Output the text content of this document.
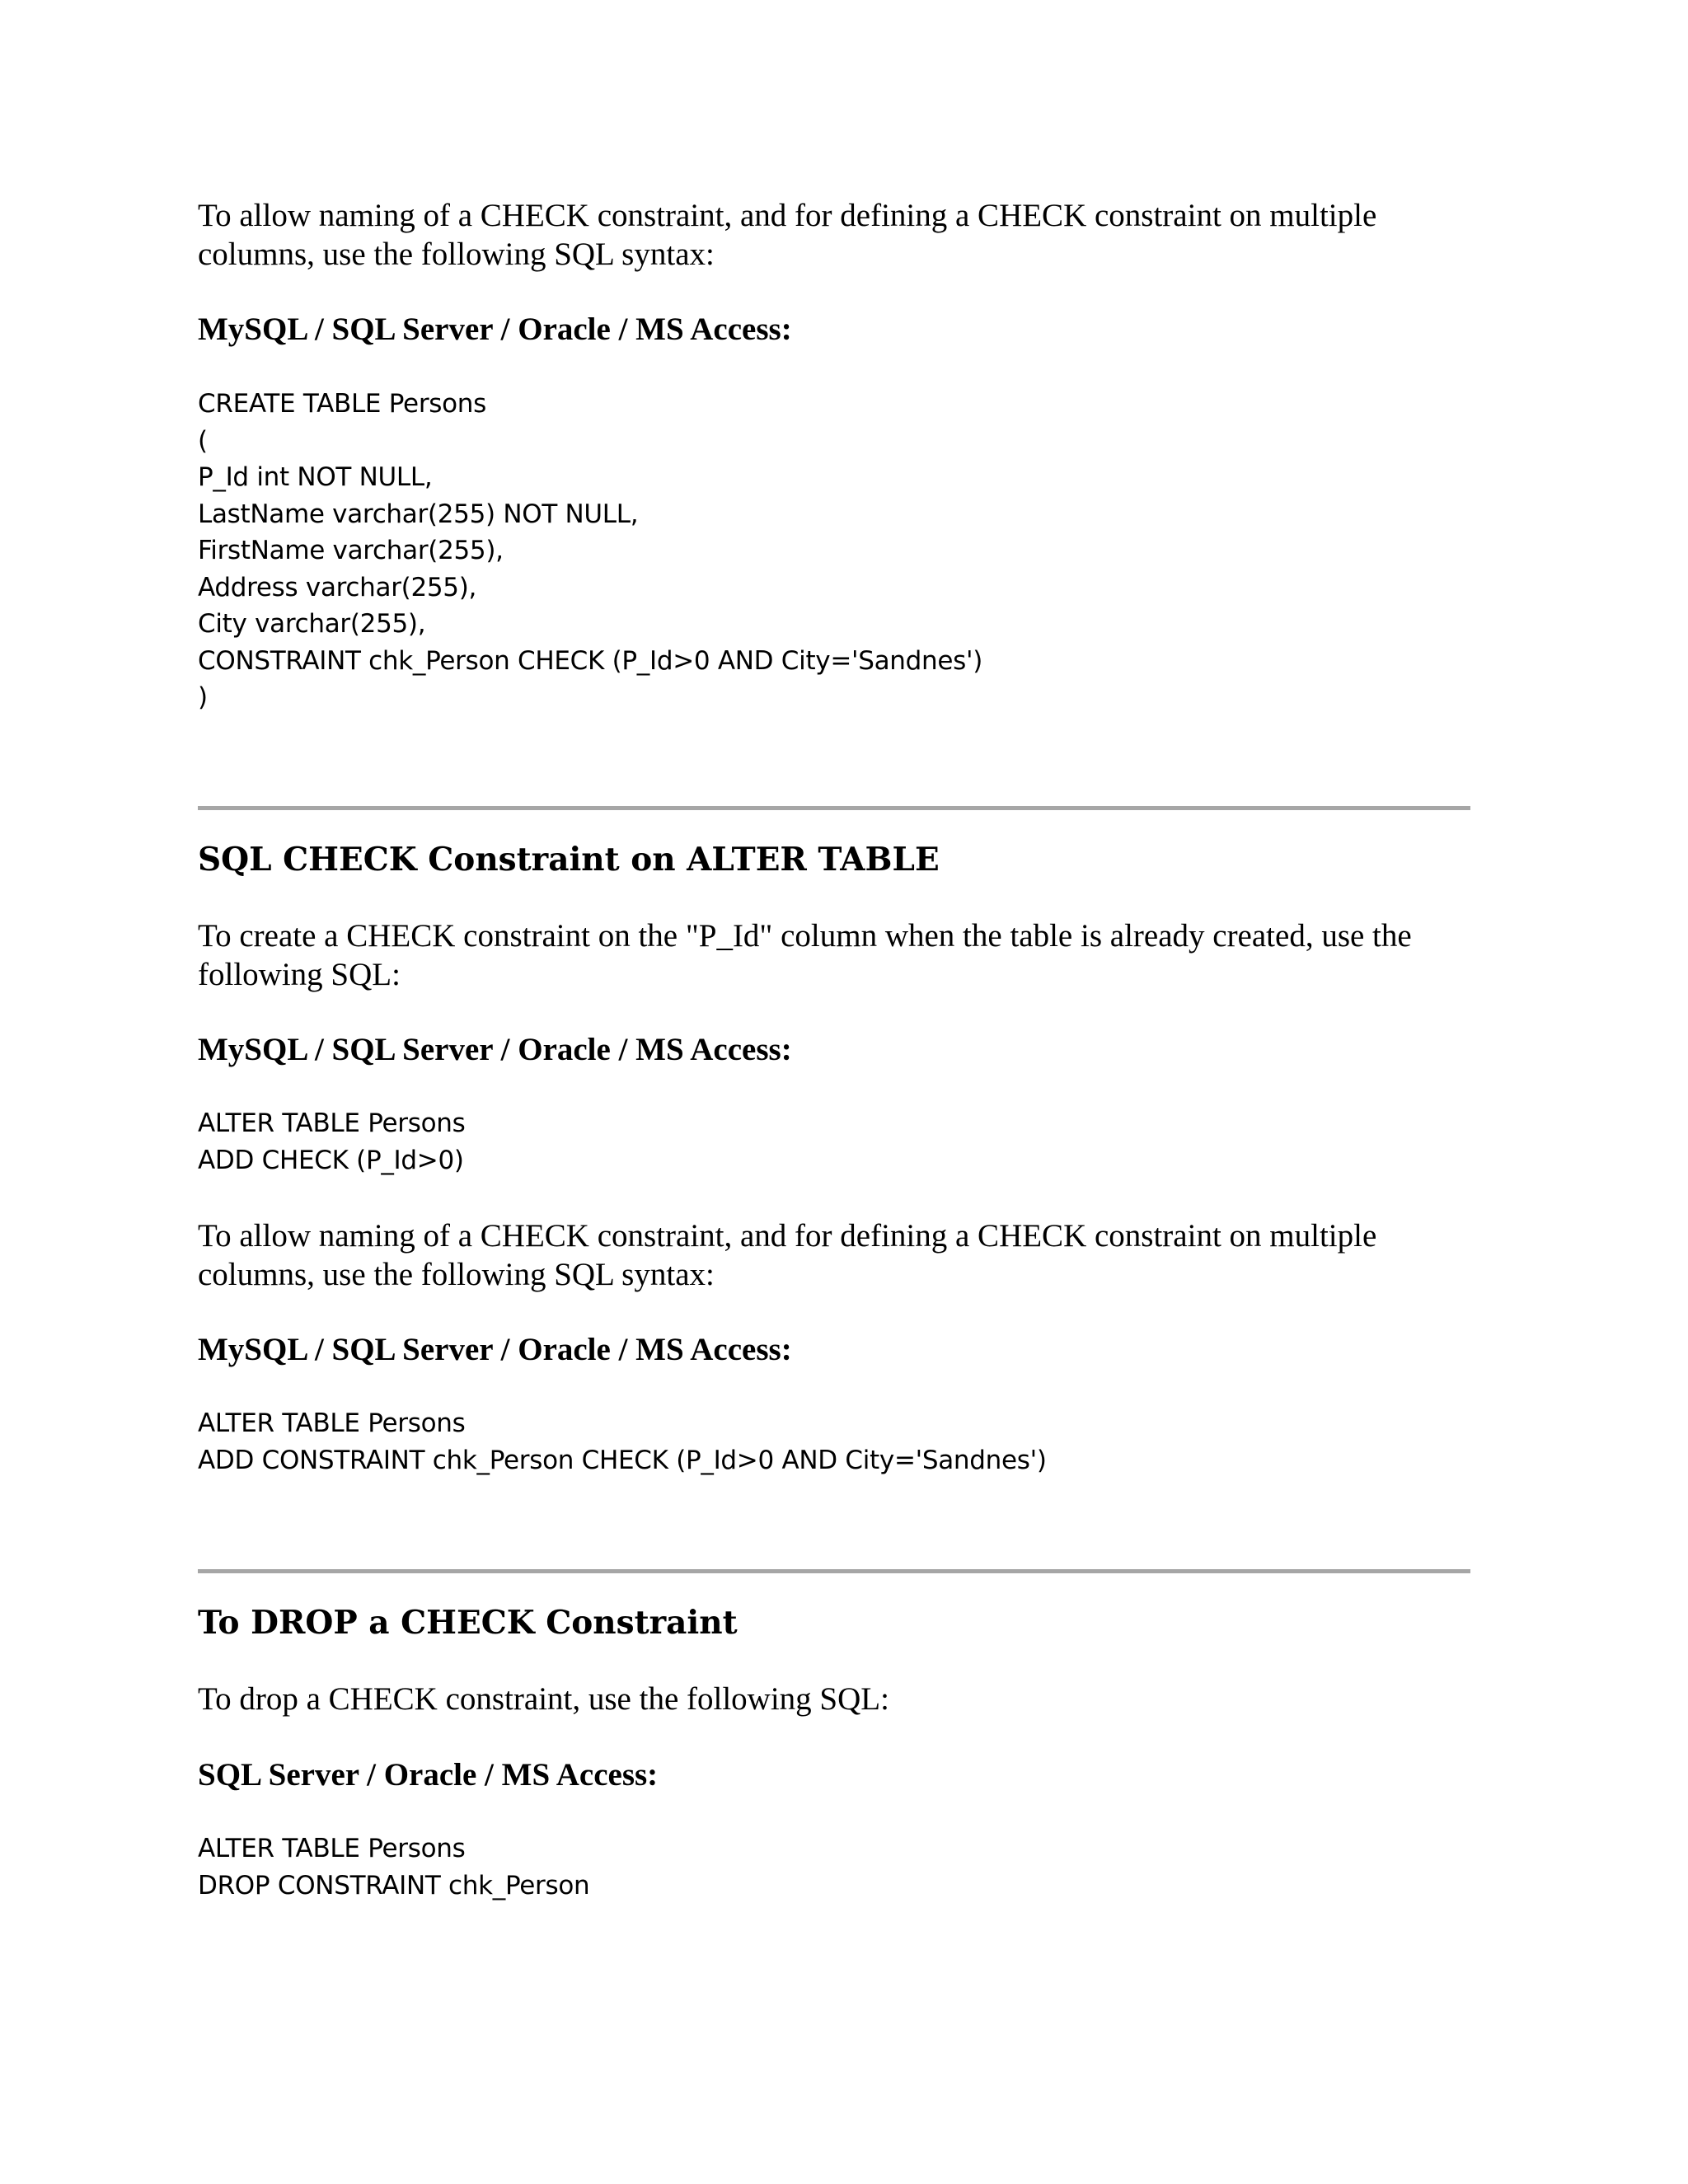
To allow naming of a CHECK constraint, and for defining a CHECK constraint on multiple
columns, use the following SQL syntax:

MySQL / SQL Server / Oracle / MS Access:
CREATE TABLE Persons
(
P_Id int NOT NULL,
LastName varchar(255) NOT NULL,
FirstName varchar(255),
Address varchar(255),
City varchar(255),
CONSTRAINT chk_Person CHECK (P_Id>0 AND City='Sandnes')
)
SQL CHECK Constraint on ALTER TABLE

To create a CHECK constraint on the "P_Id" column when the table is already created, use the
following SQL:

MySQL / SQL Server / Oracle / MS Access:
ALTER TABLE Persons
ADD CHECK (P_Id>0)

To allow naming of a CHECK constraint, and for defining a CHECK constraint on multiple
columns, use the following SQL syntax:

MySQL / SQL Server / Oracle / MS Access:
ALTER TABLE Persons
ADD CONSTRAINT chk_Person CHECK (P_Id>0 AND City='Sandnes')
To DROP a CHECK Constraint

To drop a CHECK constraint, use the following SQL:

SQL Server / Oracle / MS Access:
ALTER TABLE Persons
DROP CONSTRAINT chk_Person
